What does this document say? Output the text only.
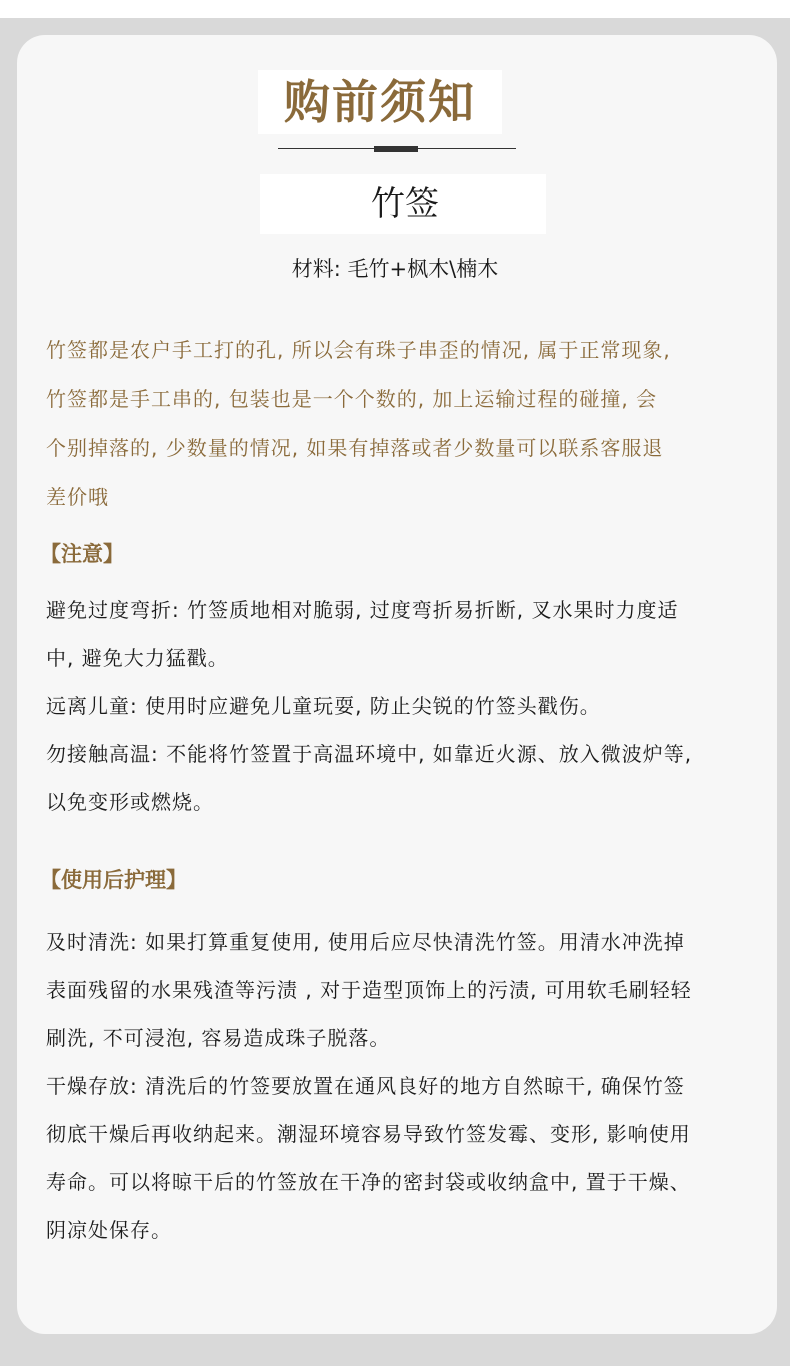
购前须知
竹签
材料: 毛竹+枫木\楠木
竹签都是农户手工打的孔, 所以会有珠子串歪的情况, 属于正常现象,
竹签都是手工串的, 包装也是一个个数的, 加上运输过程的碰撞, 会
个别掉落的, 少数量的情况, 如果有掉落或者少数量可以联系客服退
差价哦
【注意】
避免过度弯折: 竹签质地相对脆弱, 过度弯折易折断, 叉水果时力度适
中, 避免大力猛戳。
远离儿童: 使用时应避免儿童玩耍, 防止尖锐的竹签头戳伤。
勿接触高温: 不能将竹签置于高温环境中, 如靠近火源、放入微波炉等,
以免变形或燃烧。
【使用后护理】
及时清洗: 如果打算重复使用, 使用后应尽快清洗竹签。用清水冲洗掉
表面残留的水果残渣等污渍 , 对于造型顶饰上的污渍, 可用软毛刷轻轻
刷洗, 不可浸泡, 容易造成珠子脱落。
干燥存放: 清洗后的竹签要放置在通风良好的地方自然晾干, 确保竹签
彻底干燥后再收纳起来。潮湿环境容易导致竹签发霉、变形, 影响使用
寿命。可以将晾干后的竹签放在干净的密封袋或收纳盒中, 置于干燥、
阴凉处保存。
